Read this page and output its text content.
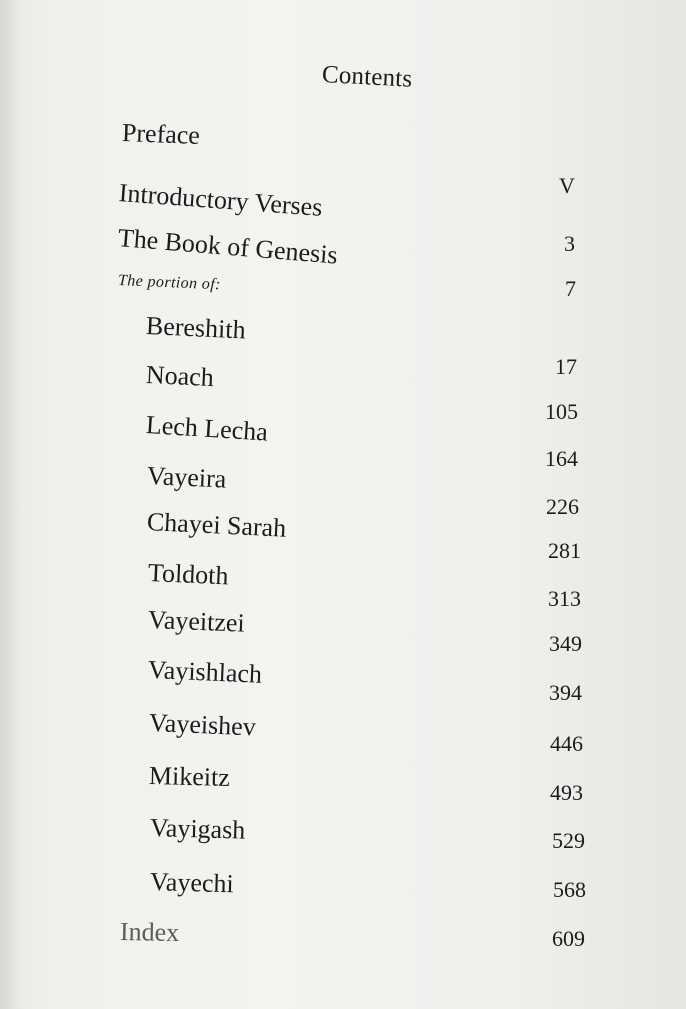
Contents
Preface
Introductory Verses
The Book of Genesis
The portion of:
Bereshith
Noach
Lech Lecha
Vayeira
Chayei Sarah
Toldoth
Vayeitzei
Vayishlach
Vayeishev
Mikeitz
Vayigash
Vayechi
Index
V
3
7
17
105
164
226
281
313
349
394
446
493
529
568
609
